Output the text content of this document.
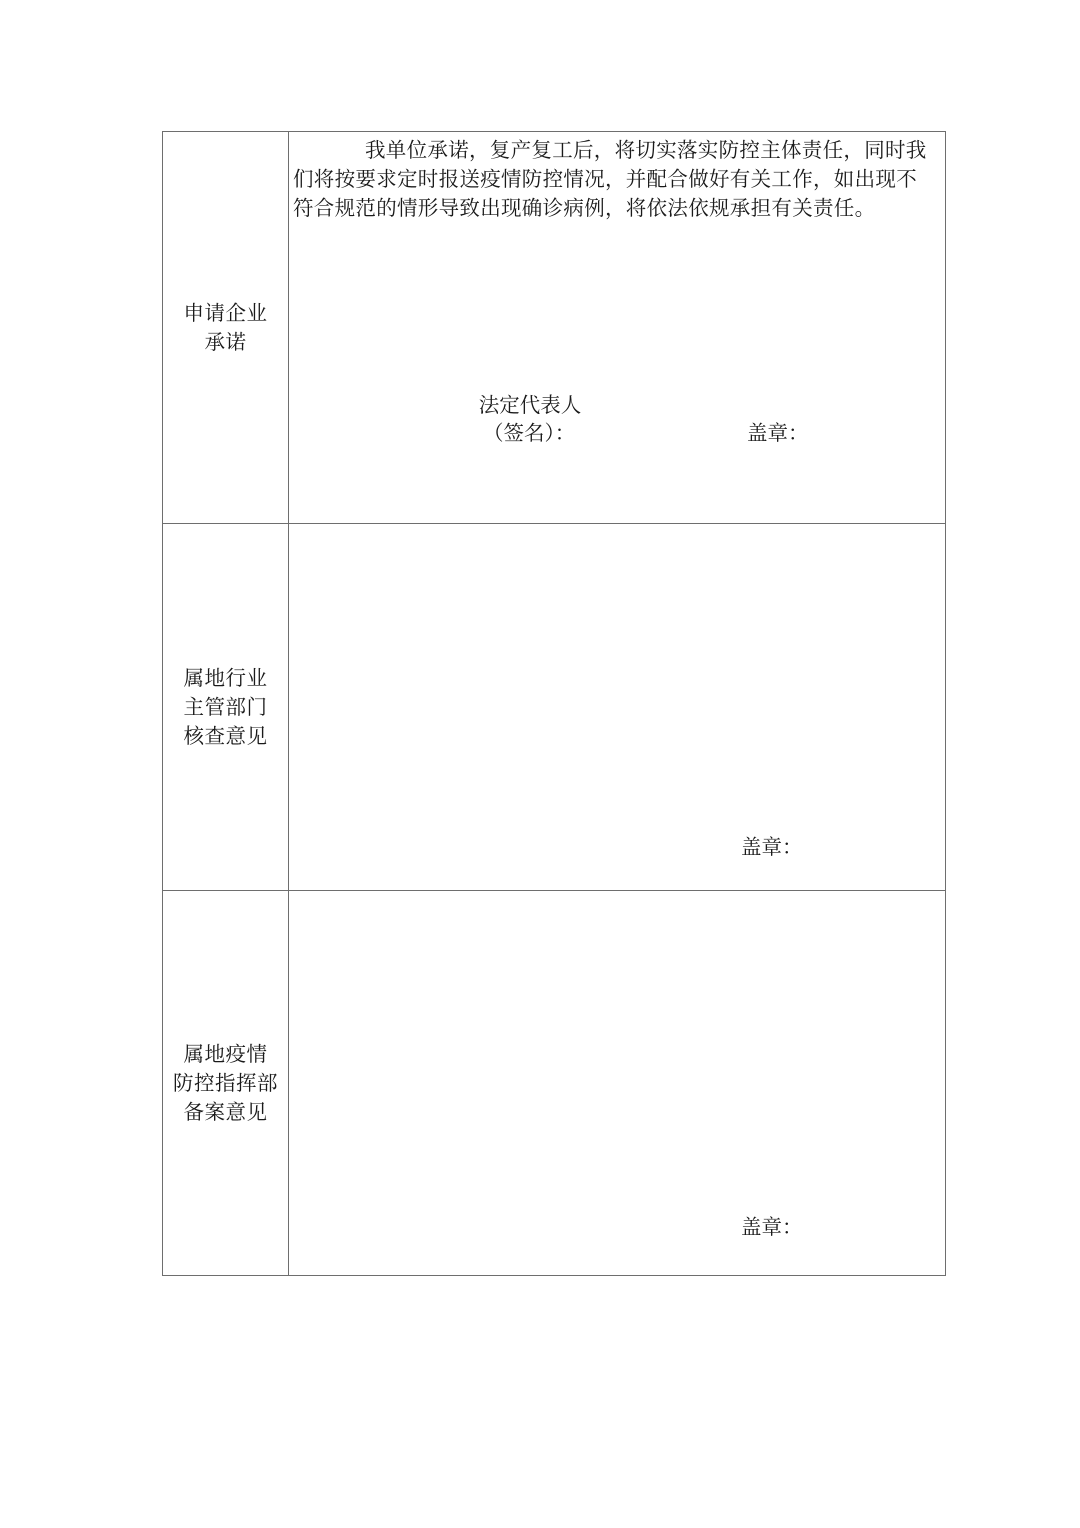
申请企业
承诺
我单位承诺，复产复工后，将切实落实防控主体责任，同时我
们将按要求定时报送疫情防控情况，并配合做好有关工作，如出现不
符合规范的情形导致出现确诊病例，将依法依规承担有关责任。
法定代表人
（签名）：	盖章：
属地行业
主管部门
核查意见
盖章：
属地疫情
防控指挥部
备案意见
盖章：
